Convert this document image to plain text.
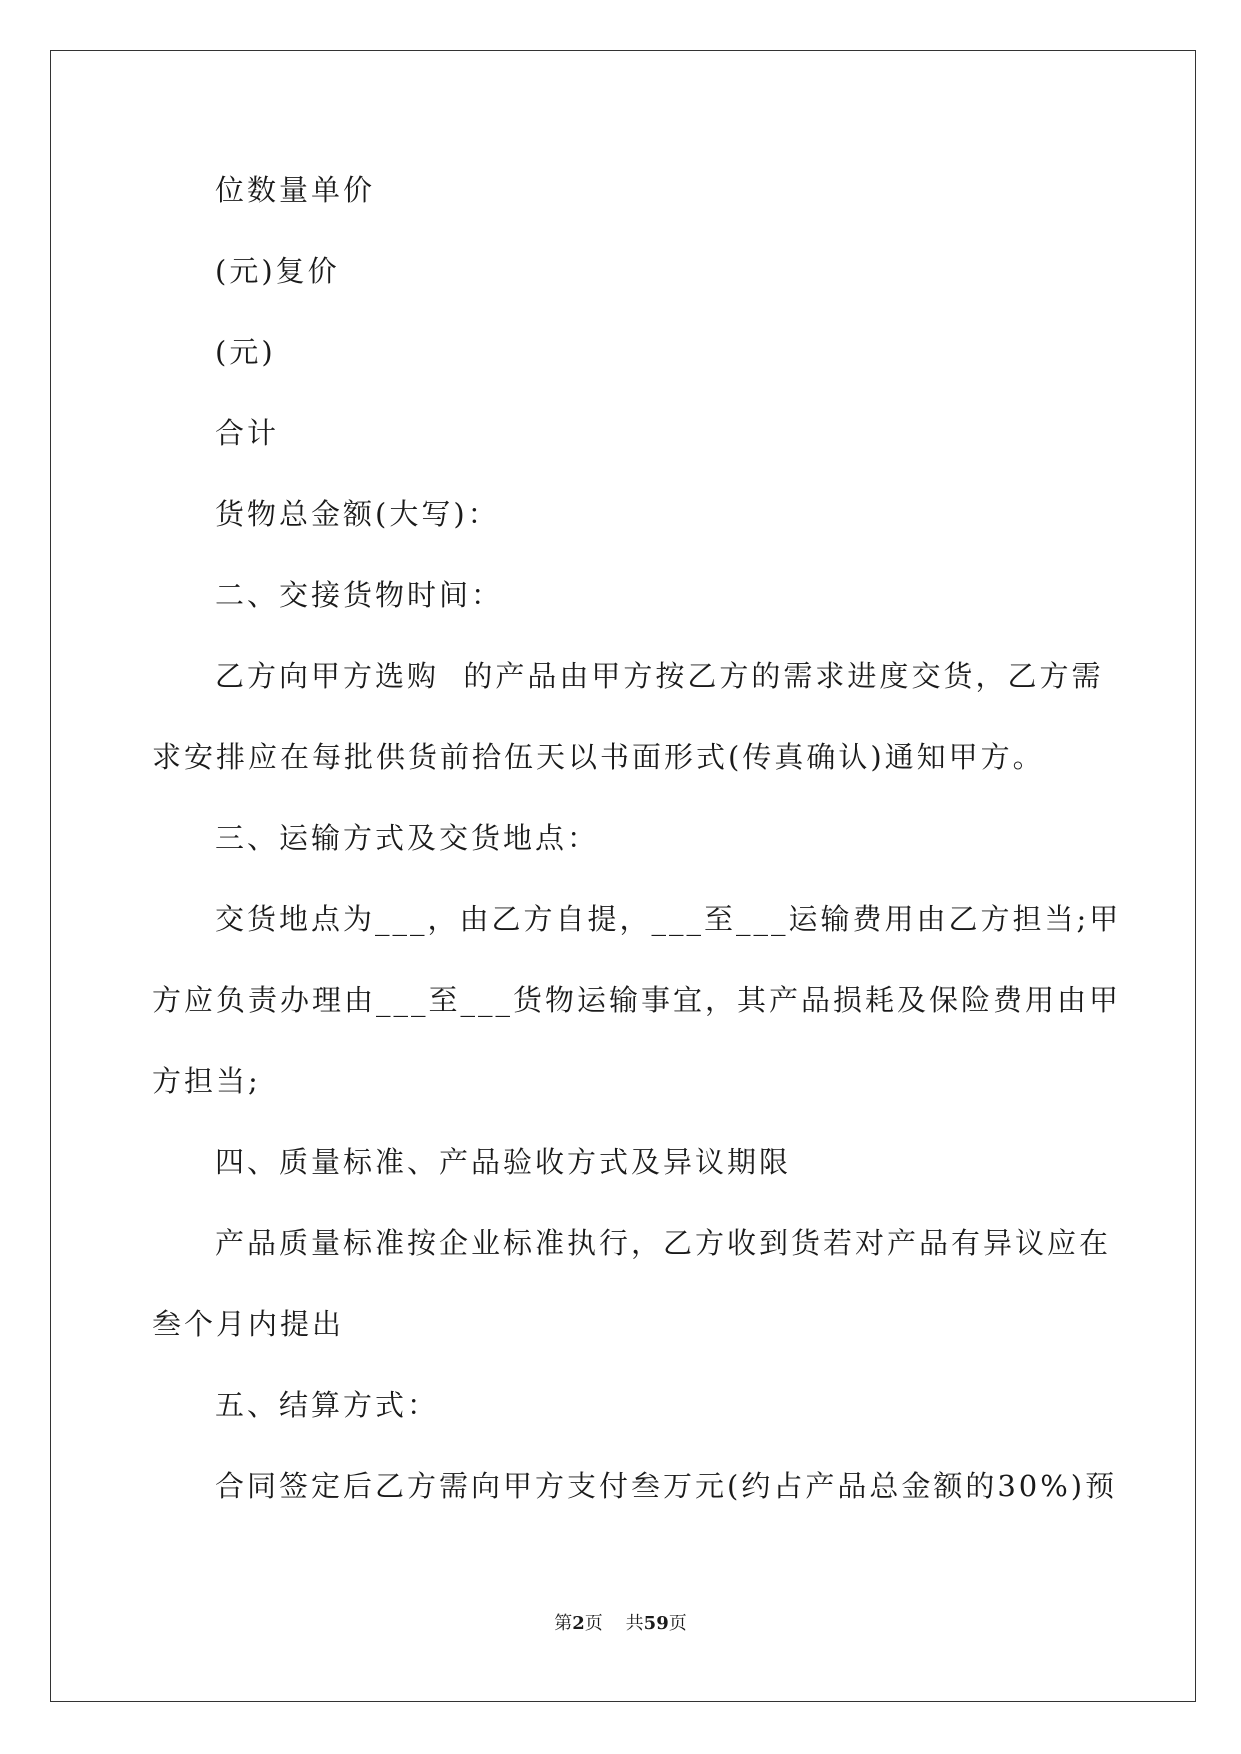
位数量单价
(元)复价
(元)
合计
货物总金额(大写)：
二、交接货物时间：
乙方向甲方选购  的产品由甲方按乙方的需求进度交货，乙方需
求安排应在每批供货前拾伍天以书面形式(传真确认)通知甲方。
三、运输方式及交货地点：
交货地点为___，由乙方自提，___至___运输费用由乙方担当;甲
方应负责办理由___至___货物运输事宜，其产品损耗及保险费用由甲
方担当;
四、质量标准、产品验收方式及异议期限
产品质量标准按企业标准执行，乙方收到货若对产品有异议应在
叁个月内提出
五、结算方式：
合同签定后乙方需向甲方支付叁万元(约占产品总金额的30%)预
第2页    共59页
